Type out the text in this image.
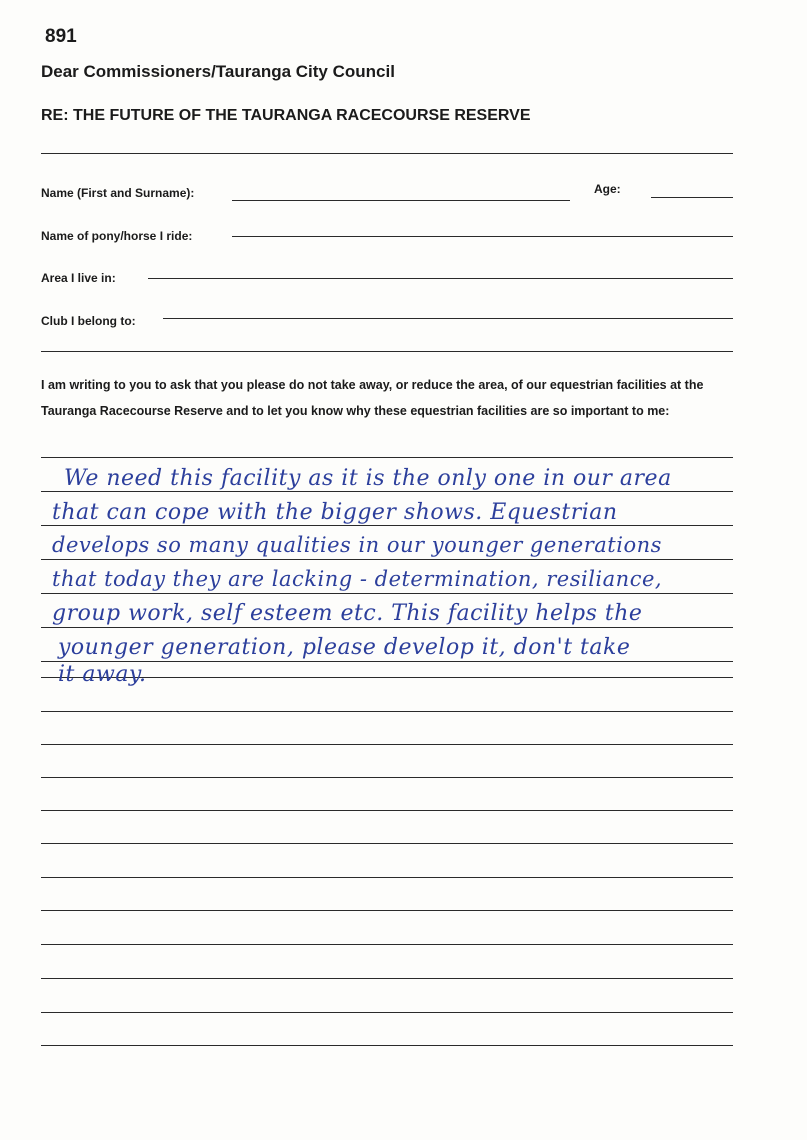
891
Dear Commissioners/Tauranga City Council
RE: THE FUTURE OF THE TAURANGA RACECOURSE RESERVE
Name (First and Surname):	Age:
Name of pony/horse I ride:
Area I live in:
Club I belong to:
I am writing to you to ask that you please do not take away, or reduce the area, of our equestrian facilities at the Tauranga Racecourse Reserve and to let you know why these equestrian facilities are so important to me:
We need this facility as it is the only one in our area
that can cope with the bigger shows. Equestrian
develops so many qualities in our younger generations
that today they are lacking - determination, resiliance,
group work, self esteem etc. This facility helps the
younger generation, please develop it, don't take
it away.
